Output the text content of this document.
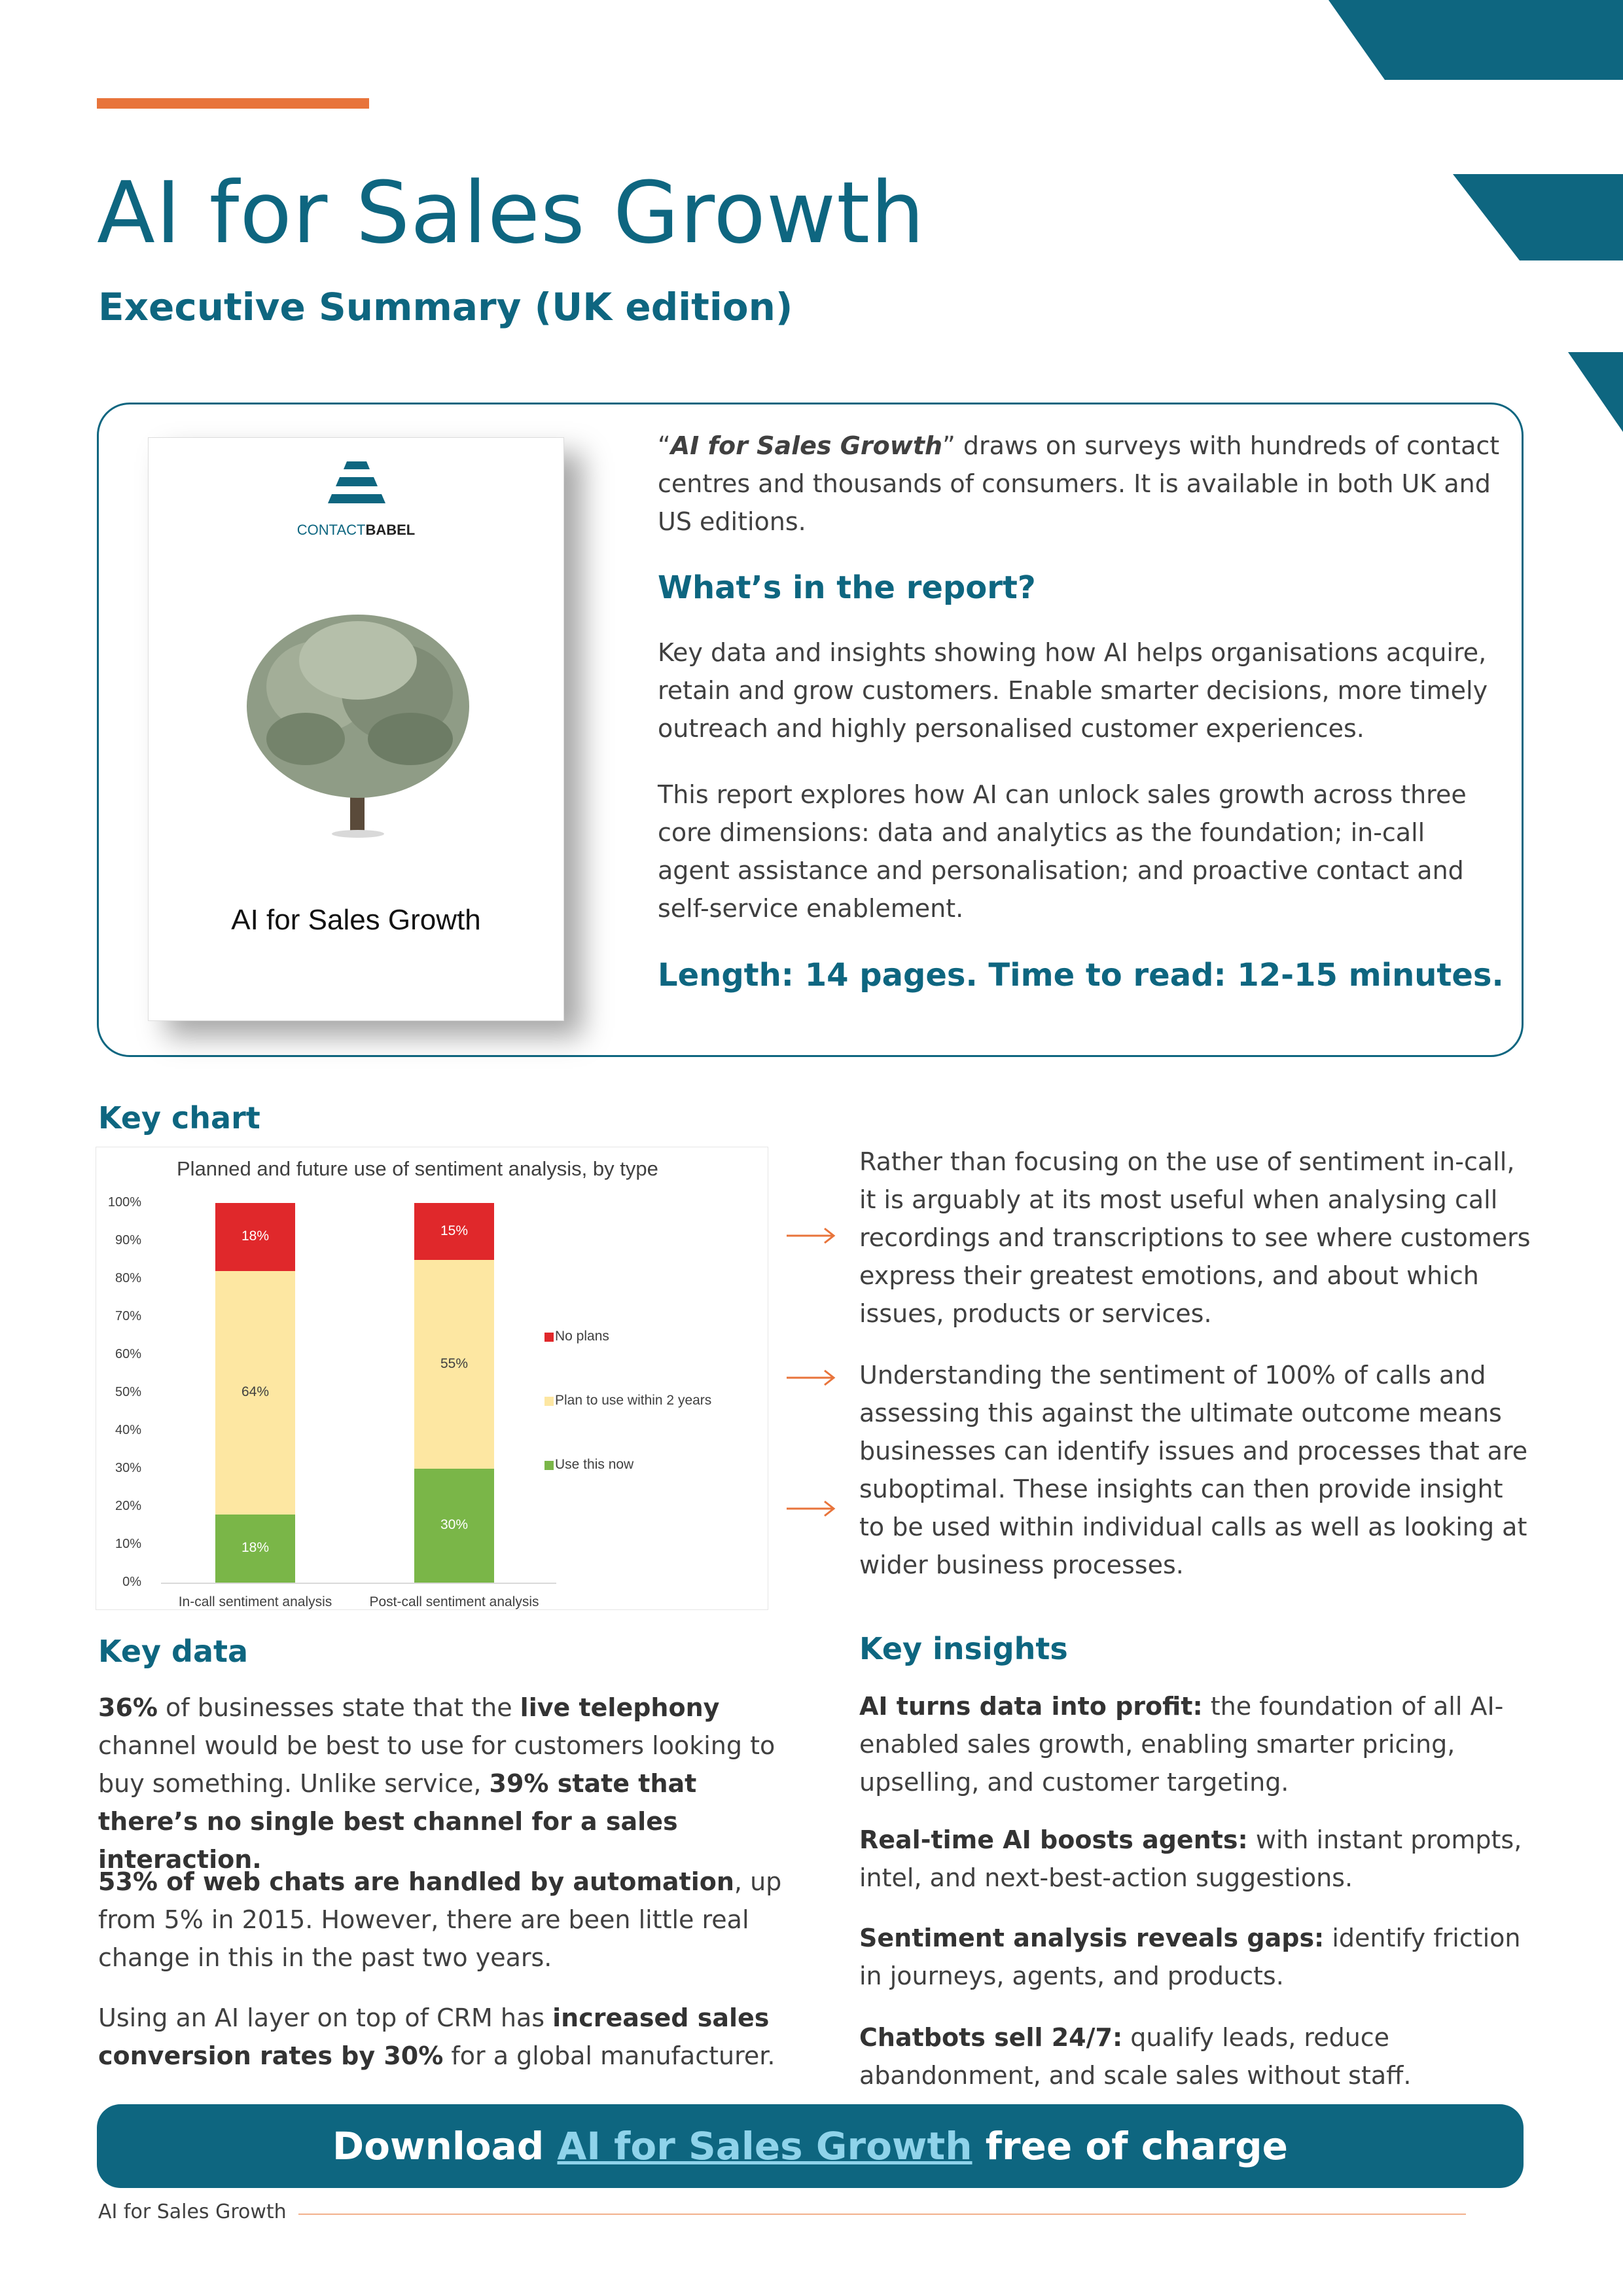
AI for Sales Growth
Executive Summary (UK edition)
CONTACTBABEL
AI for Sales Growth
“AI for Sales Growth” draws on surveys with hundreds of contact centres and thousands of consumers. It is available in both UK and US editions.
What’s in the report?
Key data and insights showing how AI helps organisations acquire, retain and grow customers. Enable smarter decisions, more timely outreach and highly personalised customer experiences.
This report explores how AI can unlock sales growth across three core dimensions: data and analytics as the foundation; in-call agent assistance and personalisation; and proactive contact and self-service enablement.
Length: 14 pages. Time to read: 12-15 minutes.
Key chart
Planned and future use of sentiment analysis, by type
0%
10%
20%
30%
40%
50%
60%
70%
80%
90%
100%
18%
64%
18%
In-call sentiment analysis
30%
55%
15%
Post-call sentiment analysis
No plans
Plan to use within 2 years
Use this now
Rather than focusing on the use of sentiment in-call, it is arguably at its most useful when analysing call recordings and transcriptions to see where customers express their greatest emotions, and about which issues, products or services.
Understanding the sentiment of 100% of calls and assessing this against the ultimate outcome means businesses can identify issues and processes that are suboptimal. These insights can then provide insight to be used within individual calls as well as looking at wider business processes.
Key data
36% of businesses state that the live telephony channel would be best to use for customers looking to buy something. Unlike service, 39% state that there’s no single best channel for a sales interaction.
53% of web chats are handled by automation, up from 5% in 2015. However, there are been little real change in this in the past two years.
Using an AI layer on top of CRM has increased sales conversion rates by 30% for a global manufacturer.
Key insights
AI turns data into profit: the foundation of all AI-enabled sales growth, enabling smarter pricing, upselling, and customer targeting.
Real-time AI boosts agents: with instant prompts, intel, and next-best-action suggestions.
Sentiment analysis reveals gaps: identify friction in journeys, agents, and products.
Chatbots sell 24/7: qualify leads, reduce abandonment, and scale sales without staff.
Download AI for Sales Growth free of charge
AI for Sales Growth
